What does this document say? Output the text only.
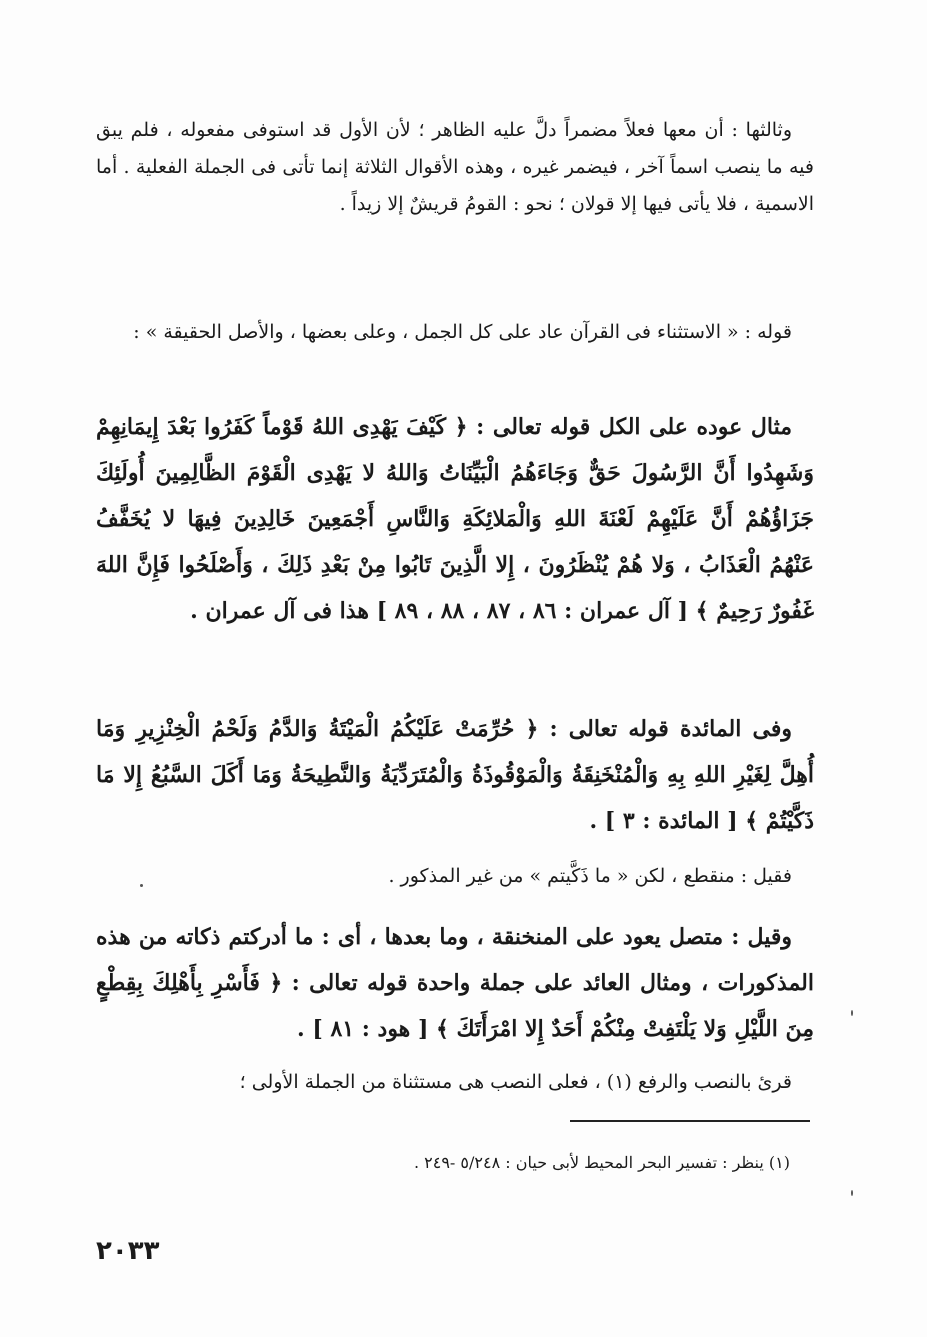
وثالثها : أن معها فعلاً مضمراً دلَّ عليه الظاهر ؛ لأن الأول قد استوفى مفعوله ، فلم يبق فيه ما ينصب اسماً آخر ، فيضمر غيره ، وهذه الأقوال الثلاثة إنما تأتى فى الجملة الفعلية . أما الاسمية ، فلا يأتى فيها إلا قولان ؛ نحو : القومُ قريشٌ إلا زيداً .

قوله : « الاستثناء فى القرآن عاد على كل الجمل ، وعلى بعضها ، والأصل الحقيقة » :

مثال عوده على الكل قوله تعالى : ﴿ كَيْفَ يَهْدِى اللهُ قَوْماً كَفَرُوا بَعْدَ إِيمَانِهِمْ وَشَهِدُوا أَنَّ الرَّسُولَ حَقٌّ وَجَاءَهُمُ الْبَيِّنَاتُ وَاللهُ لا يَهْدِى الْقَوْمَ الظَّالِمِينَ أُولَئِكَ جَزَاؤُهُمْ أَنَّ عَلَيْهِمْ لَعْنَةَ اللهِ وَالْمَلائِكَةِ وَالنَّاسِ أَجْمَعِينَ خَالِدِينَ فِيهَا لا يُخَفَّفُ عَنْهُمُ الْعَذَابُ ، وَلا هُمْ يُنْظَرُونَ ، إِلا الَّذِينَ تَابُوا مِنْ بَعْدِ ذَلِكَ ، وَأَصْلَحُوا فَإِنَّ اللهَ غَفُورٌ رَحِيمٌ ﴾ [ آل عمران : ٨٦ ، ٨٧ ، ٨٨ ، ٨٩ ] هذا فى آل عمران .

وفى المائدة قوله تعالى : ﴿ حُرِّمَتْ عَلَيْكُمُ الْمَيْتَةُ وَالدَّمُ وَلَحْمُ الْخِنْزِيرِ وَمَا أُهِلَّ لِغَيْرِ اللهِ بِهِ وَالْمُنْخَنِقَةُ وَالْمَوْقُوذَةُ وَالْمُتَرَدِّيَةُ وَالنَّطِيحَةُ وَمَا أَكَلَ السَّبُعُ إِلا مَا ذَكَّيْتُمْ ﴾ [ المائدة : ٣ ] .

فقيل : منقطع ، لكن « ما ذَكَّيتم » من غير المذكور .

وقيل : متصل يعود على المنخنقة ، وما بعدها ، أى : ما أدركتم ذكاته من هذه المذكورات ، ومثال العائد على جملة واحدة قوله تعالى : ﴿ فَأَسْرِ بِأَهْلِكَ بِقِطْعٍ مِنَ اللَّيْلِ وَلا يَلْتَفِتْ مِنْكُمْ أَحَدٌ إِلا امْرَأَتَكَ ﴾ [ هود : ٨١ ] .

قرئ بالنصب والرفع (١) ، فعلى النصب هى مستثناة من الجملة الأولى ؛

(١) ينظر : تفسير البحر المحيط لأبى حيان : ٥/٢٤٨ -٢٤٩ .
٢٠٣٣
